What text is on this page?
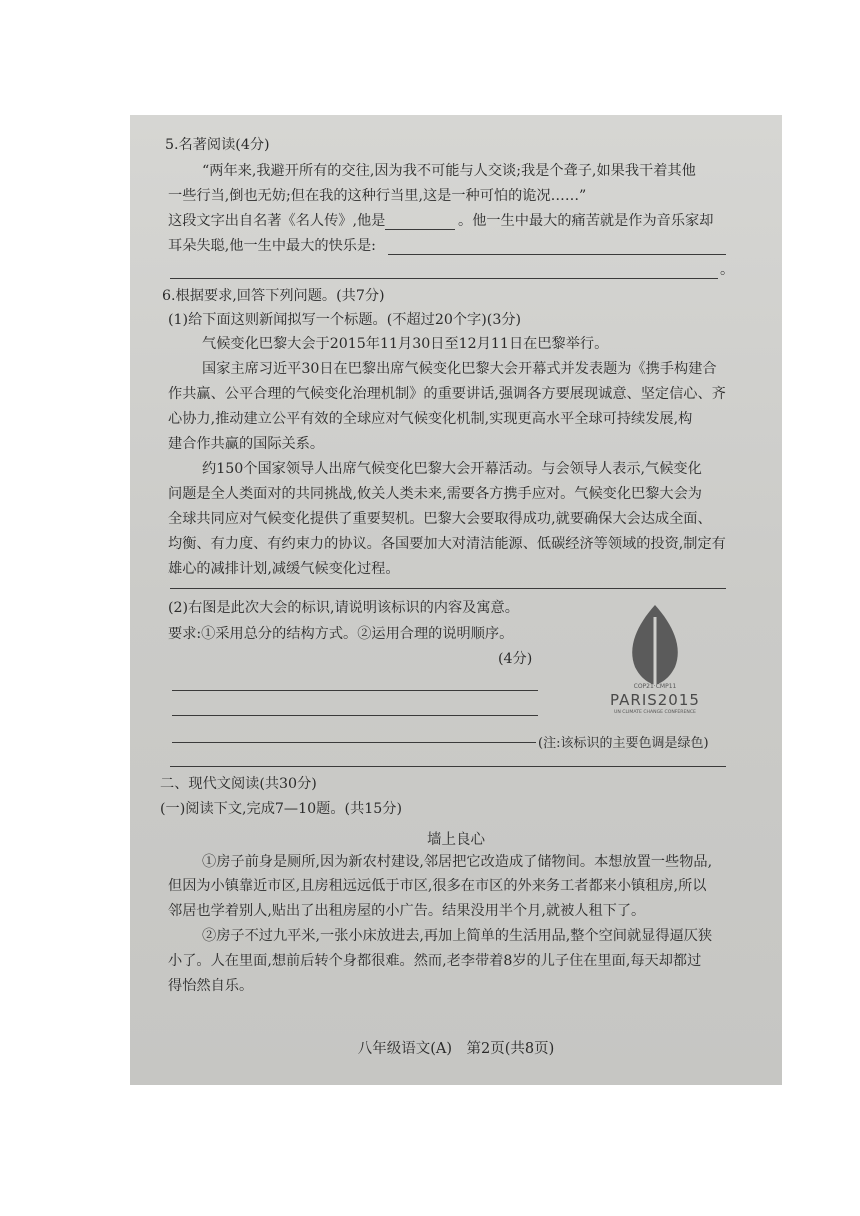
5.名著阅读(4分)
“两年来,我避开所有的交往,因为我不可能与人交谈;我是个聋子,如果我干着其他
一些行当,倒也无妨;但在我的这种行当里,这是一种可怕的诡况……”
这段文字出自名著《名人传》,他是	。他一生中最大的痛苦就是作为音乐家却
耳朵失聪,他一生中最大的快乐是:
。
6.根据要求,回答下列问题。(共7分)
(1)给下面这则新闻拟写一个标题。(不超过20个字)(3分)
气候变化巴黎大会于2015年11月30日至12月11日在巴黎举行。
国家主席习近平30日在巴黎出席气候变化巴黎大会开幕式并发表题为《携手构建合
作共赢、公平合理的气候变化治理机制》的重要讲话,强调各方要展现诚意、坚定信心、齐
心协力,推动建立公平有效的全球应对气候变化机制,实现更高水平全球可持续发展,构
建合作共赢的国际关系。
约150个国家领导人出席气候变化巴黎大会开幕活动。与会领导人表示,气候变化
问题是全人类面对的共同挑战,攸关人类未来,需要各方携手应对。气候变化巴黎大会为
全球共同应对气候变化提供了重要契机。巴黎大会要取得成功,就要确保大会达成全面、
均衡、有力度、有约束力的协议。各国要加大对清洁能源、低碳经济等领域的投资,制定有
雄心的减排计划,减缓气候变化过程。
(2)右图是此次大会的标识,请说明该标识的内容及寓意。
要求:①采用总分的结构方式。②运用合理的说明顺序。
(4分)
(注:该标识的主要色调是绿色)
COP21·CMP11
PARIS2015
UN CLIMATE CHANGE CONFERENCE
二、现代文阅读(共30分)
(一)阅读下文,完成7—10题。(共15分)
墙上良心
①房子前身是厕所,因为新农村建设,邻居把它改造成了储物间。本想放置一些物品,
但因为小镇靠近市区,且房租远远低于市区,很多在市区的外来务工者都来小镇租房,所以
邻居也学着别人,贴出了出租房屋的小广告。结果没用半个月,就被人租下了。
②房子不过九平米,一张小床放进去,再加上简单的生活用品,整个空间就显得逼仄狭
小了。人在里面,想前后转个身都很难。然而,老李带着8岁的儿子住在里面,每天却都过
得怡然自乐。
八年级语文(A)　第2页(共8页)
